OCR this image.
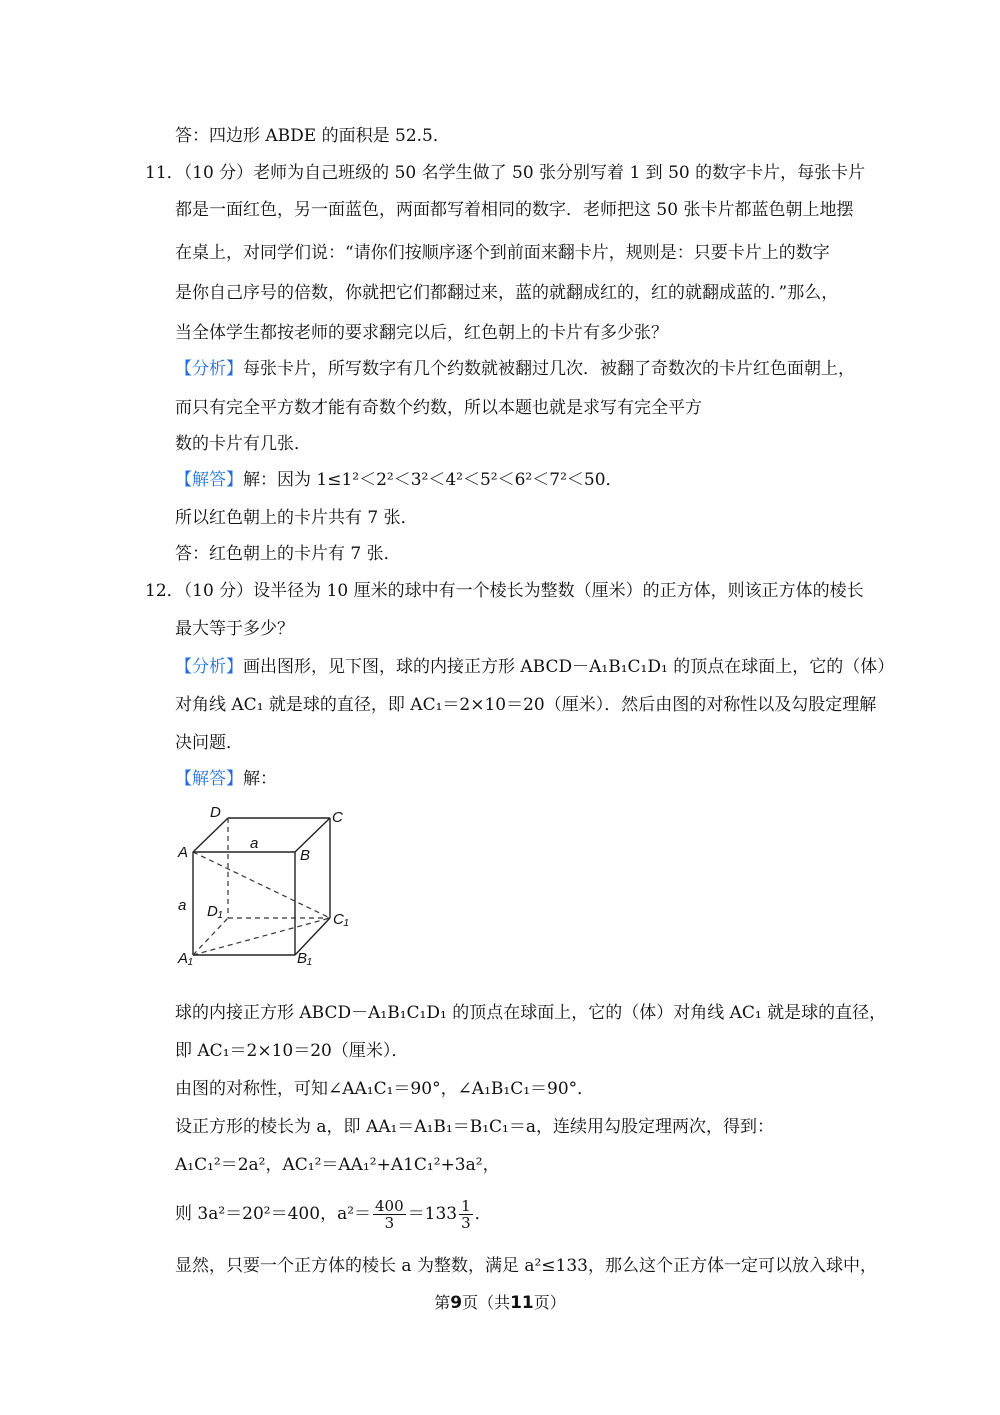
答：四边形 ABDE 的面积是 52.5．
11．（10 分）老师为自己班级的 50 名学生做了 50 张分别写着 1 到 50 的数字卡片，每张卡片
都是一面红色，另一面蓝色，两面都写着相同的数字．老师把这 50 张卡片都蓝色朝上地摆
在桌上，对同学们说：“请你们按顺序逐个到前面来翻卡片，规则是：只要卡片上的数字
是你自己序号的倍数，你就把它们都翻过来，蓝的就翻成红的，红的就翻成蓝的．”那么，
当全体学生都按老师的要求翻完以后，红色朝上的卡片有多少张？
【分析】每张卡片，所写数字有几个约数就被翻过几次．被翻了奇数次的卡片红色面朝上，
而只有完全平方数才能有奇数个约数，所以本题也就是求写有完全平方
数的卡片有几张．
【解答】解：因为 1≤1²＜2²＜3²＜4²＜5²＜6²＜7²＜50．
所以红色朝上的卡片共有 7 张．
答：红色朝上的卡片有 7 张．
12．（10 分）设半径为 10 厘米的球中有一个棱长为整数（厘米）的正方体，则该正方体的棱长
最大等于多少？
【分析】画出图形，见下图，球的内接正方形 ABCD－A₁B₁C₁D₁ 的顶点在球面上，它的（体）
对角线 AC₁ 就是球的直径，即 AC₁＝2×10＝20（厘米）．然后由图的对称性以及勾股定理解
决问题．
【解答】解：
D	C
A	B
a
a D₁	C₁
A₁	B₁
球的内接正方形 ABCD－A₁B₁C₁D₁ 的顶点在球面上，它的（体）对角线 AC₁ 就是球的直径，
即 AC₁＝2×10＝20（厘米）．
由图的对称性，可知∠AA₁C₁＝90°，∠A₁B₁C₁＝90°．
设正方形的棱长为 a，即 AA₁＝A₁B₁＝B₁C₁＝a，连续用勾股定理两次，得到：
A₁C₁²＝2a²，AC₁²＝AA₁²+A1C₁²+3a²，
则 3a²＝20²＝400，$a^2= \frac{400}{3} =133 \frac{1}{3}$ ．
显然，只要一个正方体的棱长 a 为整数，满足 a²≤133，那么这个正方体一定可以放入球中，
第9页（共11页）
